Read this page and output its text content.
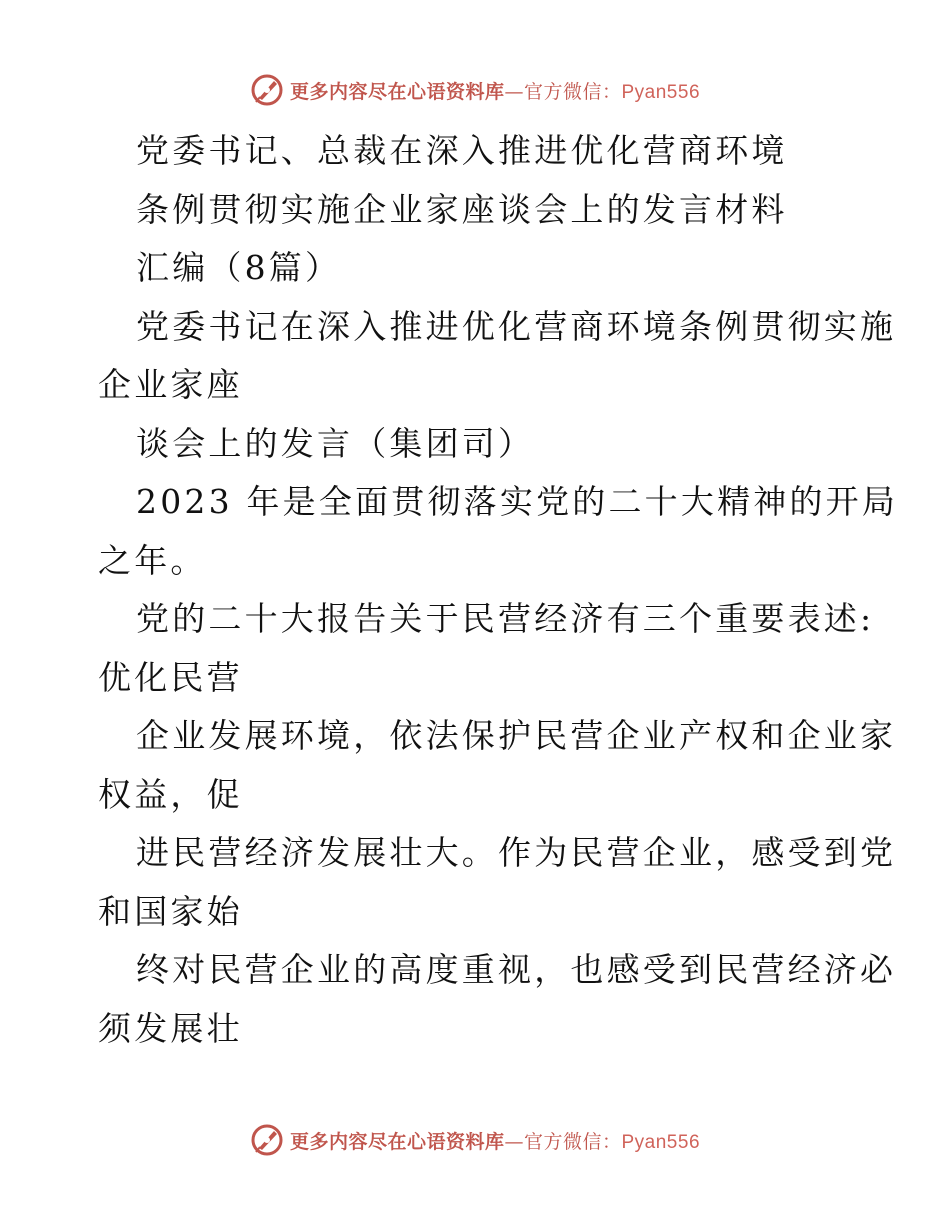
更多内容尽在心语资料库—官方微信：Pyan556
党委书记、总裁在深入推进优化营商环境
条例贯彻实施企业家座谈会上的发言材料
汇编（8篇）
党委书记在深入推进优化营商环境条例贯彻实施
企业家座
谈会上的发言（集团司）
2023 年是全面贯彻落实党的二十大精神的开局
之年。
党的二十大报告关于民营经济有三个重要表述:
优化民营
企业发展环境，依法保护民营企业产权和企业家
权益，促
进民营经济发展壮大。作为民营企业，感受到党
和国家始
终对民营企业的高度重视，也感受到民营经济必
须发展壮
更多内容尽在心语资料库—官方微信：Pyan556
